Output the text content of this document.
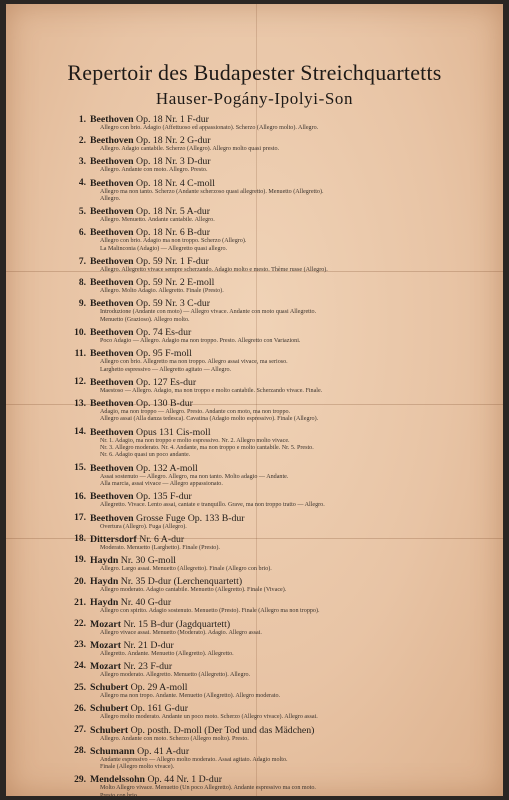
Repertoir des Budapester Streichquartetts
Hauser-Pogány-Ipolyi-Son
1. Beethoven Op. 18 Nr. 1 F-dur
Allegro con brio. Adagio (Affettuoso ed appassionato). Scherzo (Allegro molto). Allegro.
2. Beethoven Op. 18 Nr. 2 G-dur
Allegro. Adagio cantabile. Scherzo (Allegro). Allegro molto quasi presto.
3. Beethoven Op. 18 Nr. 3 D-dur
Allegro. Andante con moto. Allegro. Presto.
4. Beethoven Op. 18 Nr. 4 C-moll
Allegro ma non tanto. Scherzo (Andante scherzoso quasi allegretto). Menuetto (Allegretto).
Allegro.
5. Beethoven Op. 18 Nr. 5 A-dur
Allegro. Menuetto. Andante cantabile. Allegro.
6. Beethoven Op. 18 Nr. 6 B-dur
Allegro con brio. Adagio ma non troppo. Scherzo (Allegro).
La Malinconia (Adagio) — Allegretto quasi allegro.
7. Beethoven Op. 59 Nr. 1 F-dur
Allegro. Allegretto vivace sempre scherzando. Adagio molto e mesto. Thème russe (Allegro).
8. Beethoven Op. 59 Nr. 2 E-moll
Allegro. Molto Adagio. Allegretto. Finale (Presto).
9. Beethoven Op. 59 Nr. 3 C-dur
Introduzione (Andante con moto) — Allegro vivace. Andante con moto quasi Allegretto.
Menuetto (Grazioso). Allegro molto.
10. Beethoven Op. 74 Es-dur
Poco Adagio — Allegro. Adagio ma non troppo. Presto. Allegretto con Variazioni.
11. Beethoven Op. 95 F-moll
Allegro con brio. Allegretto ma non troppo. Allegro assai vivace, ma serioso.
Larghetto espressivo — Allegretto agitato — Allegro.
12. Beethoven Op. 127 Es-dur
Maestoso — Allegro. Adagio, ma non troppo e molto cantabile. Scherzando vivace. Finale.
13. Beethoven Op. 130 B-dur
Adagio, ma non troppo — Allegro. Presto. Andante con moto, ma non troppo.
Allegro assai (Alla danza tedesca). Cavatina (Adagio molto espressivo). Finale (Allegro).
14. Beethoven Opus 131 Cis-moll
Nr. 1. Adagio, ma non troppo e molto espressivo. Nr. 2. Allegro molto vivace.
Nr. 3. Allegro moderato. Nr. 4. Andante, ma non troppo e molto cantabile. Nr. 5. Presto.
Nr. 6. Adagio quasi un poco andante.
15. Beethoven Op. 132 A-moll
Assai sostenuto — Allegro. Allegro, ma non tanto. Molto adagio — Andante.
Alla marcia, assai vivace — Allegro appassionato.
16. Beethoven Op. 135 F-dur
Allegretto. Vivace. Lento assai, cantate e tranquillo. Grave, ma non troppo tratto — Allegro.
17. Beethoven Grosse Fuge Op. 133 B-dur
Overtura (Allegro). Fuga (Allegro).
18. Dittersdorf Nr. 6 A-dur
Moderato. Menuetto (Larghetto). Finale (Presto).
19. Haydn Nr. 30 G-moll
Allegro. Largo assai. Menuetto (Allegretto). Finale (Allegro con brio).
20. Haydn Nr. 35 D-dur (Lerchenquartett)
Allegro moderato. Adagio cantabile. Menuetto (Allegretto). Finale (Vivace).
21. Haydn Nr. 40 G-dur
Allegro con spirito. Adagio sostenuto. Menuetto (Presto). Finale (Allegro ma non troppo).
22. Mozart Nr. 15 B-dur (Jagdquartett)
Allegro vivace assai. Menuetto (Moderato). Adagio. Allegro assai.
23. Mozart Nr. 21 D-dur
Allegretto. Andante. Menuetto (Allegretto). Allegretto.
24. Mozart Nr. 23 F-dur
Allegro moderato. Allegretto. Menuetto (Allegretto). Allegro.
25. Schubert Op. 29 A-moll
Allegro ma non tropo. Andante. Menuetto (Allegretto). Allegro moderato.
26. Schubert Op. 161 G-dur
Allegro molto moderato. Andante un poco moto. Scherzo (Allegro vivace). Allegro assai.
27. Schubert Op. posth. D-moll (Der Tod und das Mädchen)
Allegro. Andante con moto. Scherzo (Allegro molto). Presto.
28. Schumann Op. 41 A-dur
Andante espressivo — Allegro molto moderato. Assai agitato. Adagio molto.
Finale (Allegro molto vivace).
29. Mendelssohn Op. 44 Nr. 1 D-dur
Molto Allegro vivace. Menuetto (Un poco Allegretto). Andante espressivo ma con moto.
Presto con brio.
